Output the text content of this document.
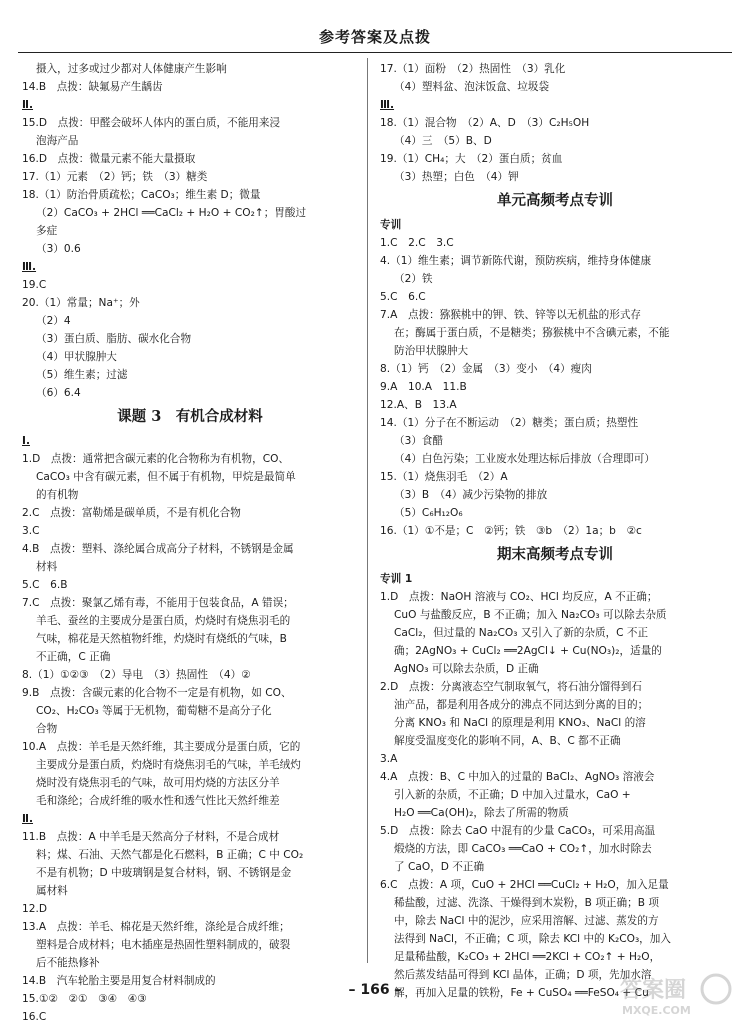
参考答案及点拨
摄入，过多或过少都对人体健康产生影响
14.B　点拨：缺氟易产生龋齿
Ⅱ.
15.D　点拨：甲醛会破坏人体内的蛋白质，不能用来浸
泡海产品
16.D　点拨：微量元素不能大量摄取
17.（1）元素　（2）钙；铁　（3）糖类
18.（1）防治骨质疏松；CaCO₃；维生素 D；微量
（2）CaCO₃ + 2HCl ══CaCl₂ + H₂O + CO₂↑；胃酸过
多症
（3）0.6
Ⅲ.
19.C
20.（1）常量；Na⁺；外
（2）4
（3）蛋白质、脂肪、碳水化合物
（4）甲状腺肿大
（5）维生素；过滤
（6）6.4
课题 3　有机合成材料
Ⅰ.
1.D　点拨：通常把含碳元素的化合物称为有机物，CO、
CaCO₃ 中含有碳元素，但不属于有机物，甲烷是最简单
的有机物
2.C　点拨：富勒烯是碳单质，不是有机化合物
3.C
4.B　点拨：塑料、涤纶属合成高分子材料，不锈钢是金属
材料
5.C　6.B
7.C　点拨：聚氯乙烯有毒，不能用于包装食品，A 错误；
羊毛、蚕丝的主要成分是蛋白质，灼烧时有烧焦羽毛的
气味，棉花是天然植物纤维，灼烧时有烧纸的气味，B
不正确，C 正确
8.（1）①②③　（2）导电　（3）热固性　（4）②
9.B　点拨：含碳元素的化合物不一定是有机物，如 CO、
CO₂、H₂CO₃ 等属于无机物，葡萄糖不是高分子化
合物
10.A　点拨：羊毛是天然纤维，其主要成分是蛋白质，它的
主要成分是蛋白质，灼烧时有烧焦羽毛的气味，羊毛绒灼
烧时没有烧焦羽毛的气味，故可用灼烧的方法区分羊
毛和涤纶；合成纤维的吸水性和透气性比天然纤维差
Ⅱ.
11.B　点拨：A 中羊毛是天然高分子材料，不是合成材
料；煤、石油、天然气都是化石燃料，B 正确；C 中 CO₂
不是有机物；D 中玻璃钢是复合材料，钢、不锈钢是金
属材料
12.D
13.A　点拨：羊毛、棉花是天然纤维，涤纶是合成纤维；
塑料是合成材料；电木插座是热固性塑料制成的，破裂
后不能热修补
14.B　汽车轮胎主要是用复合材料制成的
15.①②　②①　③④　④③
16.C
17.（1）面粉　（2）热固性　（3）乳化
（4）塑料盆、泡沫饭盒、垃圾袋
Ⅲ.
18.（1）混合物　（2）A、D　（3）C₂H₅OH
（4）三　（5）B、D
19.（1）CH₄；大　（2）蛋白质；贫血
（3）热塑；白色　（4）钾
单元高频考点专训
专训
1.C　2.C　3.C
4.（1）维生素；调节新陈代谢，预防疾病，维持身体健康
（2）铁
5.C　6.C
7.A　点拨：猕猴桃中的钾、铁、锌等以无机盐的形式存
在；酶属于蛋白质，不是糖类；猕猴桃中不含碘元素，不能
防治甲状腺肿大
8.（1）钙　（2）金属　（3）变小　（4）瘦肉
9.A　10.A　11.B
12.A、B　13.A
14.（1）分子在不断运动　（2）糖类；蛋白质；热塑性
（3）食醋
（4）白色污染；工业废水处理达标后排放（合理即可）
15.（1）烧焦羽毛　（2）A
（3）B　（4）减少污染物的排放
（5）C₆H₁₂O₆
16.（1）①不是；C　②钙；铁　③b　（2）1a；b　②c
期末高频考点专训
专训 1
1.D　点拨：NaOH 溶液与 CO₂、HCl 均反应，A 不正确；
CuO 与盐酸反应，B 不正确；加入 Na₂CO₃ 可以除去杂质
CaCl₂，但过量的 Na₂CO₃ 又引入了新的杂质，C 不正
确；2AgNO₃ + CuCl₂ ══2AgCl↓ + Cu(NO₃)₂，适量的
AgNO₃ 可以除去杂质，D 正确
2.D　点拨：分离液态空气制取氧气，将石油分馏得到石
油产品，都是利用各成分的沸点不同达到分离的目的；
分离 KNO₃ 和 NaCl 的原理是利用 KNO₃、NaCl 的溶
解度受温度变化的影响不同，A、B、C 都不正确
3.A
4.A　点拨：B、C 中加入的过量的 BaCl₂、AgNO₃ 溶液会
引入新的杂质，不正确；D 中加入过量水，CaO +
H₂O ══Ca(OH)₂，除去了所需的物质
5.D　点拨：除去 CaO 中混有的少量 CaCO₃，可采用高温
煅烧的方法，即 CaCO₃ ══CaO + CO₂↑，加水时除去
了 CaO，D 不正确
6.C　点拨：A 项，CuO + 2HCl ══CuCl₂ + H₂O，加入足量
稀盐酸，过滤、洗涤、干燥得到木炭粉，B 项正确；B 项
中，除去 NaCl 中的泥沙，应采用溶解、过滤、蒸发的方
法得到 NaCl，不正确；C 项，除去 KCl 中的 K₂CO₃，加入
足量稀盐酸，K₂CO₃ + 2HCl ══2KCl + CO₂↑ + H₂O，
然后蒸发结晶可得到 KCl 晶体，正确；D 项，先加水溶
解，再加入足量的铁粉，Fe + CuSO₄ ══FeSO₄ + Cu
– 166 –	答案圈
MXQE.COM
